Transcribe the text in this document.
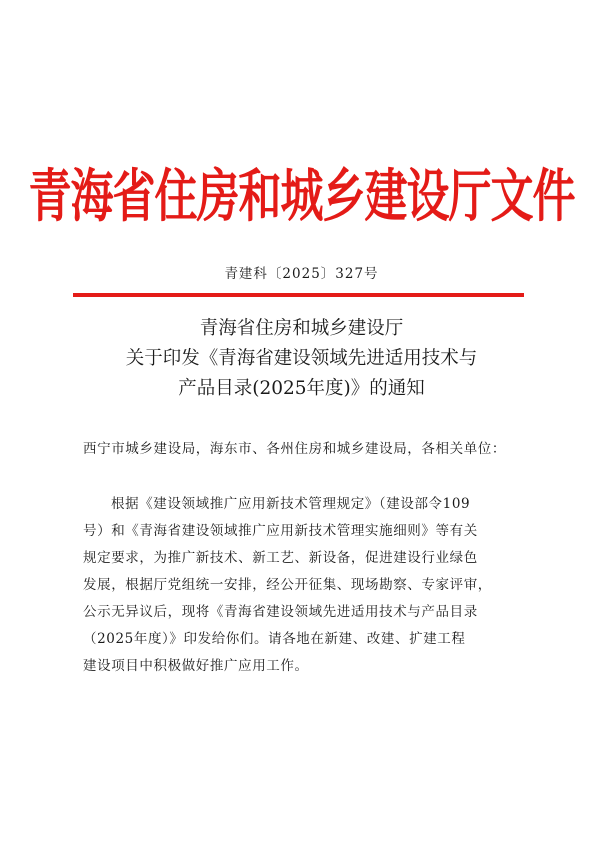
青海省住房和城乡建设厅文件
青建科〔2025〕327号
青海省住房和城乡建设厅
关于印发《青海省建设领域先进适用技术与
产品目录(2025年度)》的通知
西宁市城乡建设局，海东市、各州住房和城乡建设局，各相关单位：
根据《建设领域推广应用新技术管理规定》（建设部令109
号）和《青海省建设领域推广应用新技术管理实施细则》等有关
规定要求，为推广新技术、新工艺、新设备，促进建设行业绿色
发展，根据厅党组统一安排，经公开征集、现场勘察、专家评审，
公示无异议后，现将《青海省建设领域先进适用技术与产品目录
（2025年度）》印发给你们。请各地在新建、改建、扩建工程
建设项目中积极做好推广应用工作。
